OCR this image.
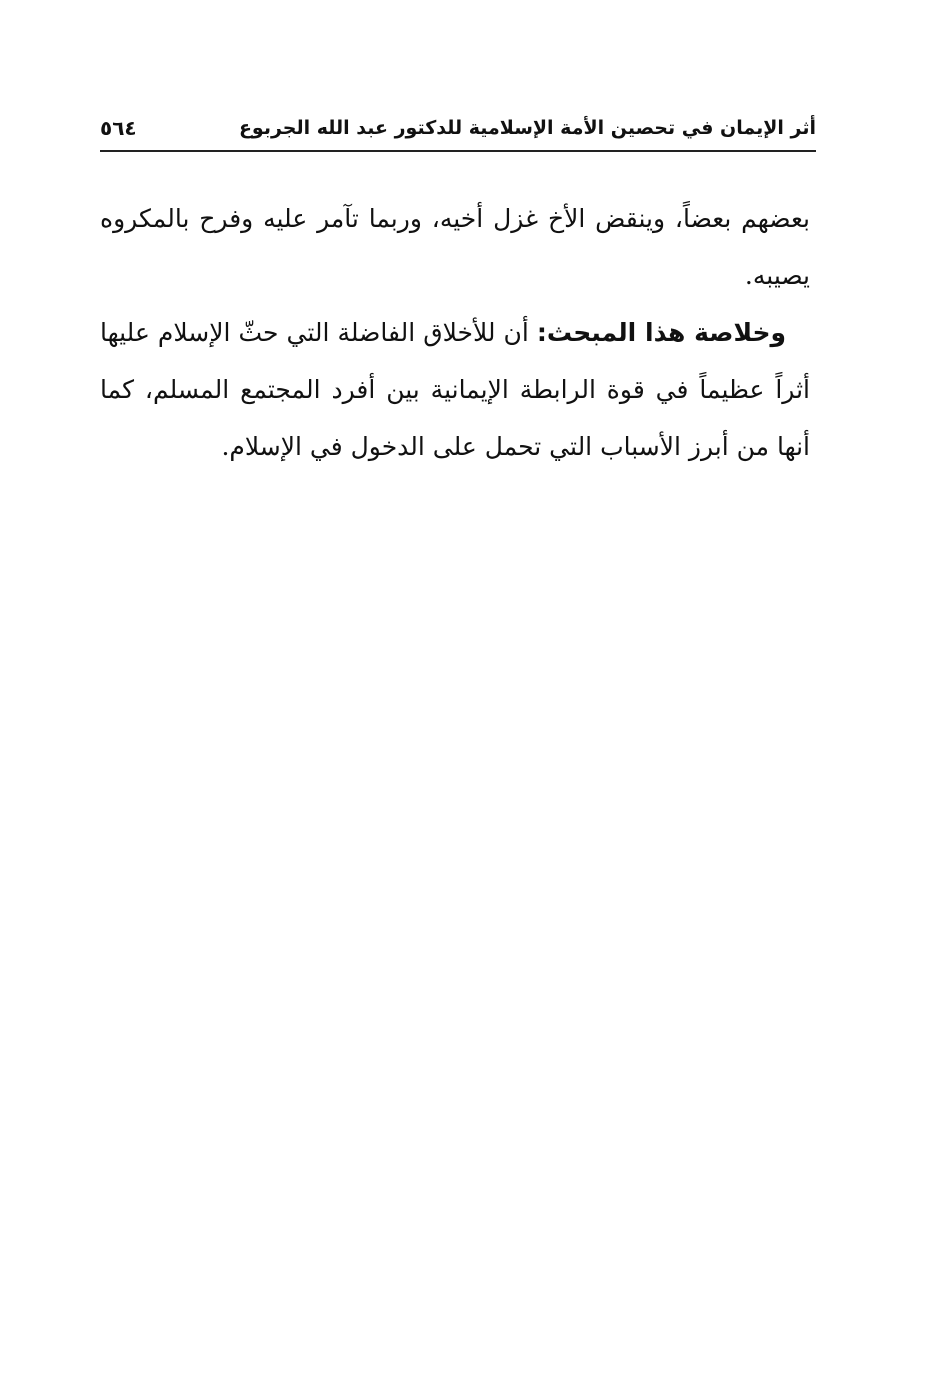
أثر الإيمان في تحصين الأمة الإسلامية للدكتور عبد الله الجربوع
٥٦٤

بعضهم بعضاً، وينقض الأخ غزل أخيه، وربما تآمر عليه وفرح بالمكروه يصيبه.

وخلاصة هذا المبحث: أن للأخلاق الفاضلة التي حثّ الإسلام عليها أثراً عظيماً في قوة الرابطة الإيمانية بين أفرد المجتمع المسلم، كما أنها من أبرز الأسباب التي تحمل على الدخول في الإسلام.
